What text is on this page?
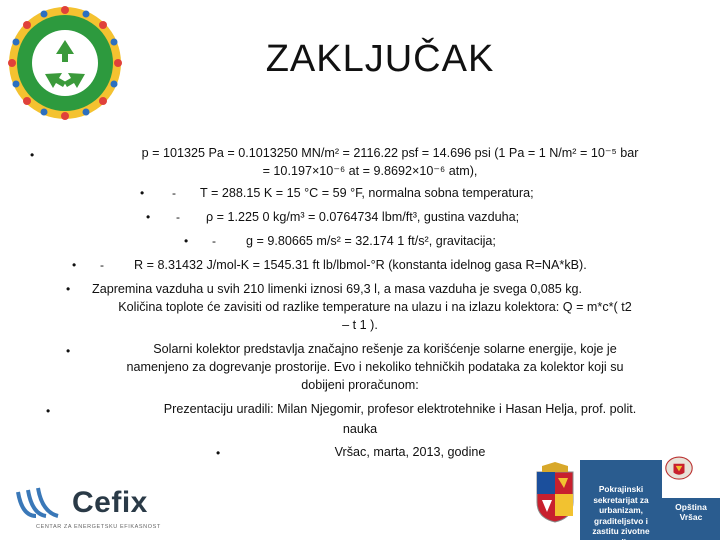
ZAKLJUČAK
•	p = 101325 Pa = 0.1013250 MN/m² = 2116.22 psf = 14.696 psi (1 Pa = 1 N/m² = 10⁻⁵ bar
= 10.197×10⁻⁶ at = 9.8692×10⁻⁶ atm),
• - T = 288.15 K = 15 °C = 59 °F, normalna sobna temperatura;
• - ρ = 1.225 0 kg/m³ = 0.0764734 lbm/ft³, gustina vazduha;
• - g = 9.80665 m/s² = 32.174 1 ft/s², gravitacija;
• - R = 8.31432 J/mol-K = 1545.31 ft lb/lbmol-°R (konstanta idelnog gasa R=NA*kB).
• Zapremina vazduha u svih 210 limenki iznosi 69,3 l, a masa vazduha je svega 0,085 kg.
Količina toplote će zavisiti od razlike temperature na ulazu i na izlazu kolektora: Q = m*c*( t2
– t 1 ).
•	Solarni kolektor predstavlja značajno rešenje za korišćenje solarne energije, koje je
namenjeno za dogrevanje prostorije. Evo i nekoliko tehničkih podataka za kolektor koji su
dobijeni proračunom:
•	Prezentaciju uradili: Milan Njegomir, profesor elektrotehnike i Hasan Helja, prof. polit.
nauka
•	Vršac, marta, 2013, godine
Cefix
CENTAR ZA ENERGETSKU EFIKASNOST
Pokrajinski sekretarijat za
urbanizam, graditeljstvo i
zastitu zivotne sredine
Opština
Vršac
